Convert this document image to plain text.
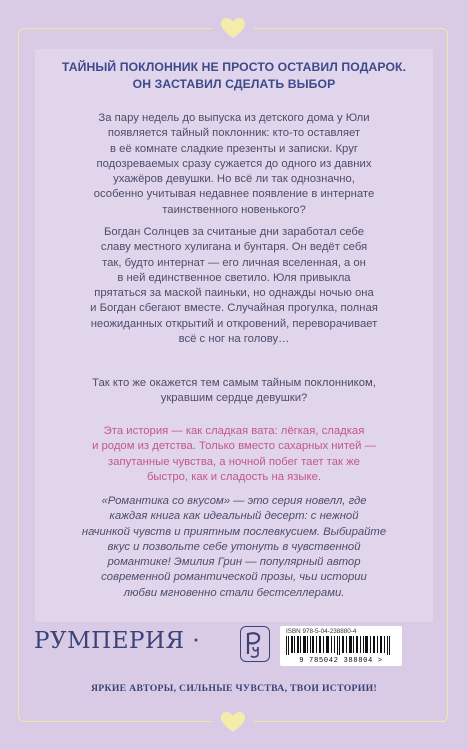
ТАЙНЫЙ ПОКЛОННИК НЕ ПРОСТО ОСТАВИЛ ПОДАРОК.
ОН ЗАСТАВИЛ СДЕЛАТЬ ВЫБОР
За пару недель до выпуска из детского дома у Юли
появляется тайный поклонник: кто-то оставляет
в её комнате сладкие презенты и записки. Круг
подозреваемых сразу сужается до одного из давних
ухажёров девушки. Но всё ли так однозначно,
особенно учитывая недавнее появление в интернате
таинственного новенького?
Богдан Солнцев за считаные дни заработал себе
славу местного хулигана и бунтаря. Он ведёт себя
так, будто интернат — его личная вселенная, а он
в ней единственное светило. Юля привыкла
прятаться за маской паиньки, но однажды ночью она
и Богдан сбегают вместе. Случайная прогулка, полная
неожиданных открытий и откровений, переворачивает
всё с ног на голову…
Так кто же окажется тем самым тайным поклонником,
укравшим сердце девушки?
Эта история — как сладкая вата: лёгкая, сладкая
и родом из детства. Только вместо сахарных нитей —
запутанные чувства, а ночной побег тает так же
быстро, как и сладость на языке.
«Романтика со вкусом» — это серия новелл, где
каждая книга как идеальный десерт: с нежной
начинкой чувств и приятным послевкусием. Выбирайте
вкус и позвольте себе утонуть в чувственной
романтике! Эмилия Грин — популярный автор
современной романтической прозы, чьи истории
любви мгновенно стали бестселлерами.
РУМПЕРИЯ ·	ISBN 978-5-04-238880-4
9 785042 388804 >
ЯРКИЕ АВТОРЫ, СИЛЬНЫЕ ЧУВСТВА, ТВОИ ИСТОРИИ!
